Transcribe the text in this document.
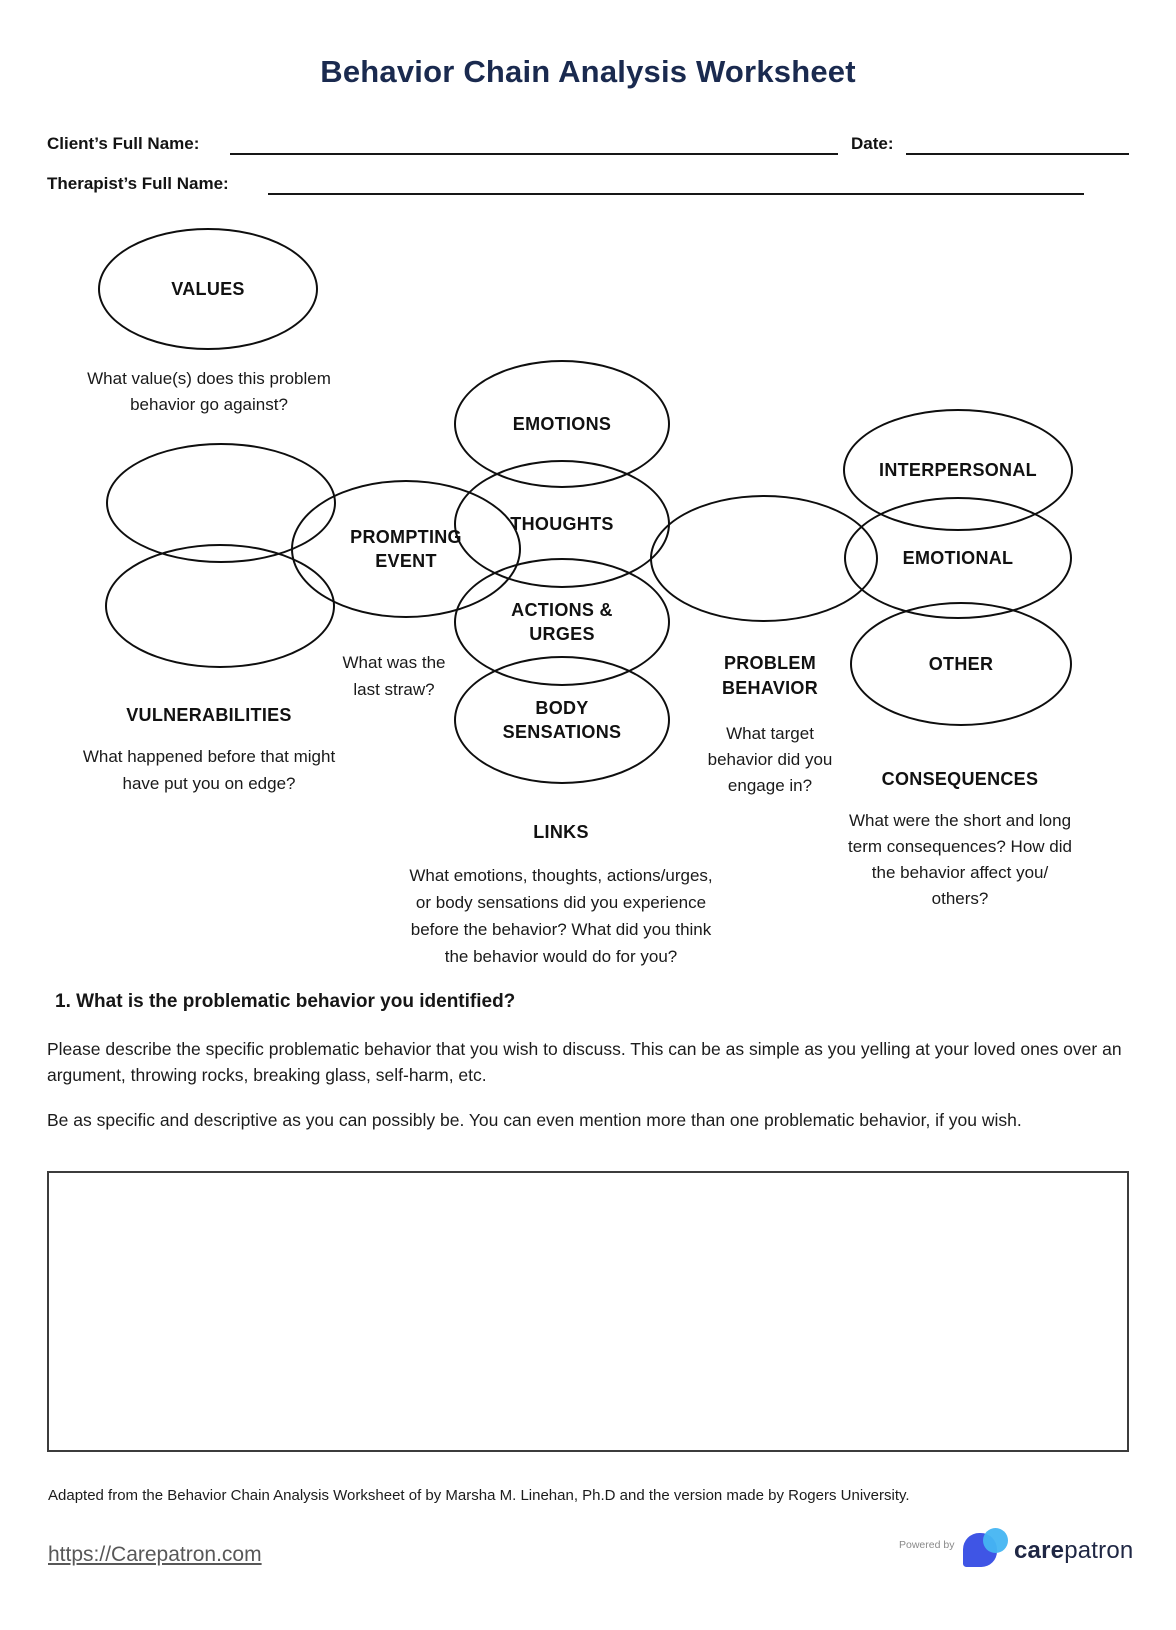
Behavior Chain Analysis Worksheet
Client’s Full Name:	Date:
Therapist’s Full Name:
VALUES
PROMPTING
EVENT
EMOTIONS
THOUGHTS
ACTIONS &
URGES
BODY
SENSATIONS
INTERPERSONAL
EMOTIONAL
OTHER
What value(s) does this problem
behavior go against?
VULNERABILITIES
What happened before that might
have put you on edge?
What was the
last straw?
PROBLEM
BEHAVIOR
What target
behavior did you
engage in?
LINKS
What emotions, thoughts, actions/urges,
or body sensations did you experience
before the behavior? What did you think
the behavior would do for you?
CONSEQUENCES
What were the short and long
term consequences? How did
the behavior affect you/
others?
1. What is the problematic behavior you identified?
Please describe the specific problematic behavior that you wish to discuss. This can be as simple as you yelling at your loved ones over an argument, throwing rocks, breaking glass, self-harm, etc.
Be as specific and descriptive as you can possibly be. You can even mention more than one problematic behavior, if you wish.
Adapted from the Behavior Chain Analysis Worksheet of by Marsha M. Linehan, Ph.D and the version made by Rogers University.
https://Carepatron.com	Powered by carepatron
